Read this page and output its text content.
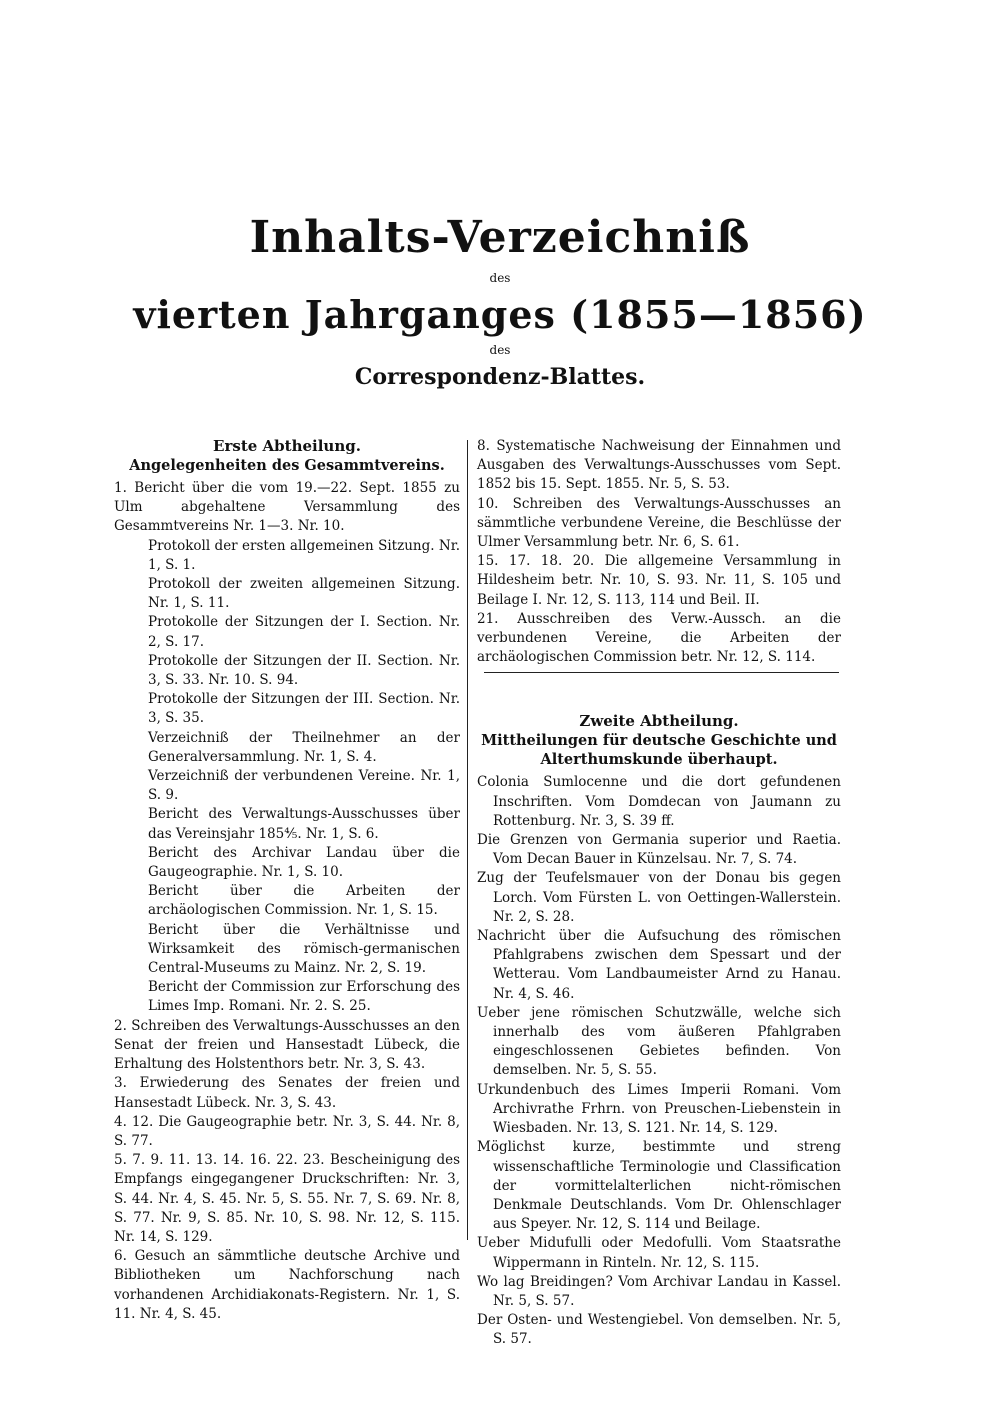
Inhalts-Verzeichniß
des
vierten Jahrganges (1855—1856)
des
Correspondenz-Blattes.

Erste Abtheilung.

Angelegenheiten des Gesammtvereins.

1. Bericht über die vom 19.—22. Sept. 1855 zu Ulm abgehaltene Versammlung des Gesammtvereins Nr. 1—3. Nr. 10.

Protokoll der ersten allgemeinen Sitzung. Nr. 1, S. 1.

Protokoll der zweiten allgemeinen Sitzung. Nr. 1, S. 11.

Protokolle der Sitzungen der I. Section. Nr. 2, S. 17.

Protokolle der Sitzungen der II. Section. Nr. 3, S. 33. Nr. 10. S. 94.

Protokolle der Sitzungen der III. Section. Nr. 3, S. 35.

Verzeichniß der Theilnehmer an der Generalversammlung. Nr. 1, S. 4.

Verzeichniß der verbundenen Vereine. Nr. 1, S. 9.

Bericht des Verwaltungs-Ausschusses über das Vereinsjahr 185⅘. Nr. 1, S. 6.

Bericht des Archivar Landau über die Gaugeographie. Nr. 1, S. 10.

Bericht über die Arbeiten der archäologischen Commission. Nr. 1, S. 15.

Bericht über die Verhältnisse und Wirksamkeit des römisch-germanischen Central-Museums zu Mainz. Nr. 2, S. 19.

Bericht der Commission zur Erforschung des Limes Imp. Romani. Nr. 2. S. 25.

2. Schreiben des Verwaltungs-Ausschusses an den Senat der freien und Hansestadt Lübeck, die Erhaltung des Holstenthors betr. Nr. 3, S. 43.

3. Erwiederung des Senates der freien und Hansestadt Lübeck. Nr. 3, S. 43.

4. 12. Die Gaugeographie betr. Nr. 3, S. 44. Nr. 8, S. 77.

5. 7. 9. 11. 13. 14. 16. 22. 23. Bescheinigung des Empfangs eingegangener Druckschriften: Nr. 3, S. 44. Nr. 4, S. 45. Nr. 5, S. 55. Nr. 7, S. 69. Nr. 8, S. 77. Nr. 9, S. 85. Nr. 10, S. 98. Nr. 12, S. 115. Nr. 14, S. 129.

6. Gesuch an sämmtliche deutsche Archive und Bibliotheken um Nachforschung nach vorhandenen Archidiakonats-Registern. Nr. 1, S. 11. Nr. 4, S. 45.

8. Systematische Nachweisung der Einnahmen und Ausgaben des Verwaltungs-Ausschusses vom Sept. 1852 bis 15. Sept. 1855. Nr. 5, S. 53.

10. Schreiben des Verwaltungs-Ausschusses an sämmtliche verbundene Vereine, die Beschlüsse der Ulmer Versammlung betr. Nr. 6, S. 61.

15. 17. 18. 20. Die allgemeine Versammlung in Hildesheim betr. Nr. 10, S. 93. Nr. 11, S. 105 und Beilage I. Nr. 12, S. 113, 114 und Beil. II.

21. Ausschreiben des Verw.-Aussch. an die verbundenen Vereine, die Arbeiten der archäologischen Commission betr. Nr. 12, S. 114.

Zweite Abtheilung.

Mittheilungen für deutsche Geschichte und Alterthumskunde überhaupt.

Colonia Sumlocenne und die dort gefundenen Inschriften. Vom Domdecan von Jaumann zu Rottenburg. Nr. 3, S. 39 ff.

Die Grenzen von Germania superior und Raetia. Vom Decan Bauer in Künzelsau. Nr. 7, S. 74.

Zug der Teufelsmauer von der Donau bis gegen Lorch. Vom Fürsten L. von Oettingen-Wallerstein. Nr. 2, S. 28.

Nachricht über die Aufsuchung des römischen Pfahlgrabens zwischen dem Spessart und der Wetterau. Vom Landbaumeister Arnd zu Hanau. Nr. 4, S. 46.

Ueber jene römischen Schutzwälle, welche sich innerhalb des vom äußeren Pfahlgraben eingeschlossenen Gebietes befinden. Von demselben. Nr. 5, S. 55.

Urkundenbuch des Limes Imperii Romani. Vom Archivrathe Frhrn. von Preuschen-Liebenstein in Wiesbaden. Nr. 13, S. 121. Nr. 14, S. 129.

Möglichst kurze, bestimmte und streng wissenschaftliche Terminologie und Classification der vormittelalterlichen nicht-römischen Denkmale Deutschlands. Vom Dr. Ohlenschlager aus Speyer. Nr. 12, S. 114 und Beilage.

Ueber Midufulli oder Medofulli. Vom Staatsrathe Wippermann in Rinteln. Nr. 12, S. 115.

Wo lag Breidingen? Vom Archivar Landau in Kassel. Nr. 5, S. 57.

Der Osten- und Westengiebel. Von demselben. Nr. 5, S. 57.
